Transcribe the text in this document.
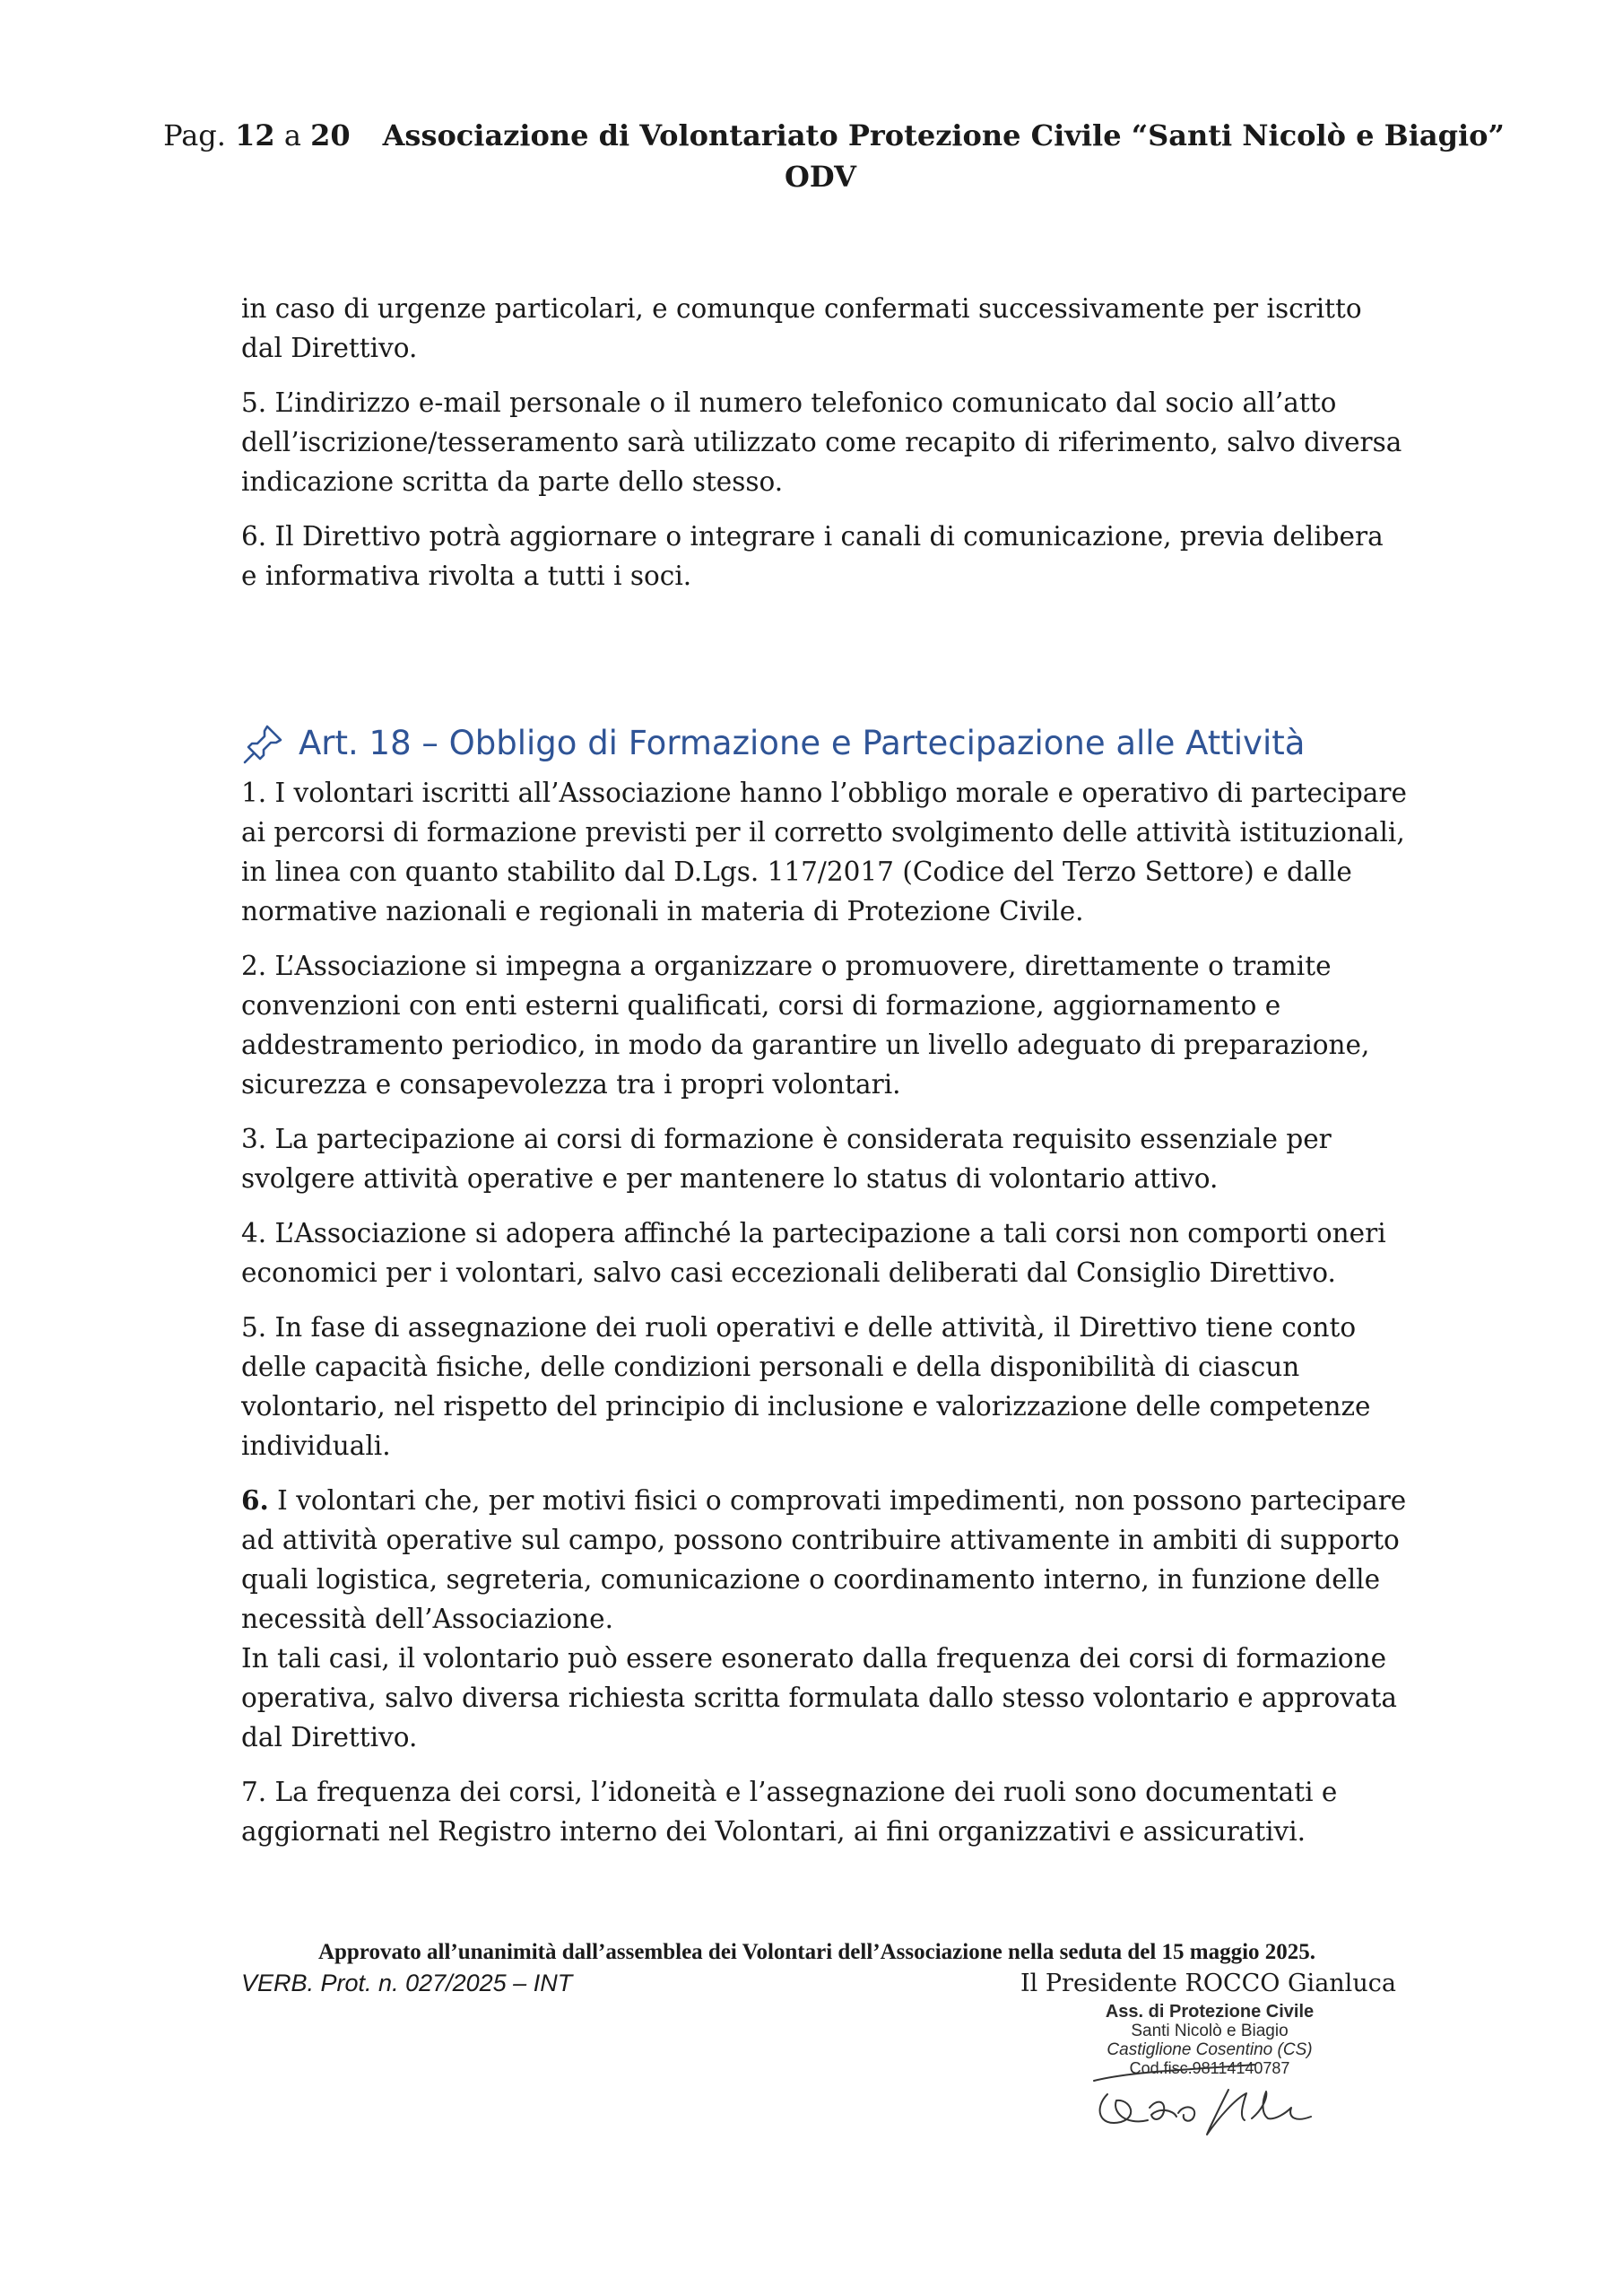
Pag. 12 a 20 Associazione di Volontariato Protezione Civile “Santi Nicolò e Biagio”
ODV

in caso di urgenze particolari, e comunque confermati successivamente per iscritto dal Direttivo.

5. L’indirizzo e-mail personale o il numero telefonico comunicato dal socio all’atto dell’iscrizione/tesseramento sarà utilizzato come recapito di riferimento, salvo diversa indicazione scritta da parte dello stesso.

6. Il Direttivo potrà aggiornare o integrare i canali di comunicazione, previa delibera e informativa rivolta a tutti i soci.

Art. 18 – Obbligo di Formazione e Partecipazione alle Attività

1. I volontari iscritti all’Associazione hanno l’obbligo morale e operativo di partecipare ai percorsi di formazione previsti per il corretto svolgimento delle attività istituzionali, in linea con quanto stabilito dal D.Lgs. 117/2017 (Codice del Terzo Settore) e dalle normative nazionali e regionali in materia di Protezione Civile.

2. L’Associazione si impegna a organizzare o promuovere, direttamente o tramite convenzioni con enti esterni qualificati, corsi di formazione, aggiornamento e addestramento periodico, in modo da garantire un livello adeguato di preparazione, sicurezza e consapevolezza tra i propri volontari.

3. La partecipazione ai corsi di formazione è considerata requisito essenziale per svolgere attività operative e per mantenere lo status di volontario attivo.

4. L’Associazione si adopera affinché la partecipazione a tali corsi non comporti oneri economici per i volontari, salvo casi eccezionali deliberati dal Consiglio Direttivo.

5. In fase di assegnazione dei ruoli operativi e delle attività, il Direttivo tiene conto delle capacità fisiche, delle condizioni personali e della disponibilità di ciascun volontario, nel rispetto del principio di inclusione e valorizzazione delle competenze individuali.

6. I volontari che, per motivi fisici o comprovati impedimenti, non possono partecipare ad attività operative sul campo, possono contribuire attivamente in ambiti di supporto quali logistica, segreteria, comunicazione o coordinamento interno, in funzione delle necessità dell’Associazione.

In tali casi, il volontario può essere esonerato dalla frequenza dei corsi di formazione operativa, salvo diversa richiesta scritta formulata dallo stesso volontario e approvata dal Direttivo.

7. La frequenza dei corsi, l’idoneità e l’assegnazione dei ruoli sono documentati e aggiornati nel Registro interno dei Volontari, ai fini organizzativi e assicurativi.

Approvato all’unanimità dall’assemblea dei Volontari dell’Associazione nella seduta del 15 maggio 2025.
VERB. Prot. n. 027/2025 – INT	Il Presidente ROCCO Gianluca
Ass. di Protezione Civile
Santi Nicolò e Biagio
Castiglione Cosentino (CS)
Cod.fisc.98114140787
